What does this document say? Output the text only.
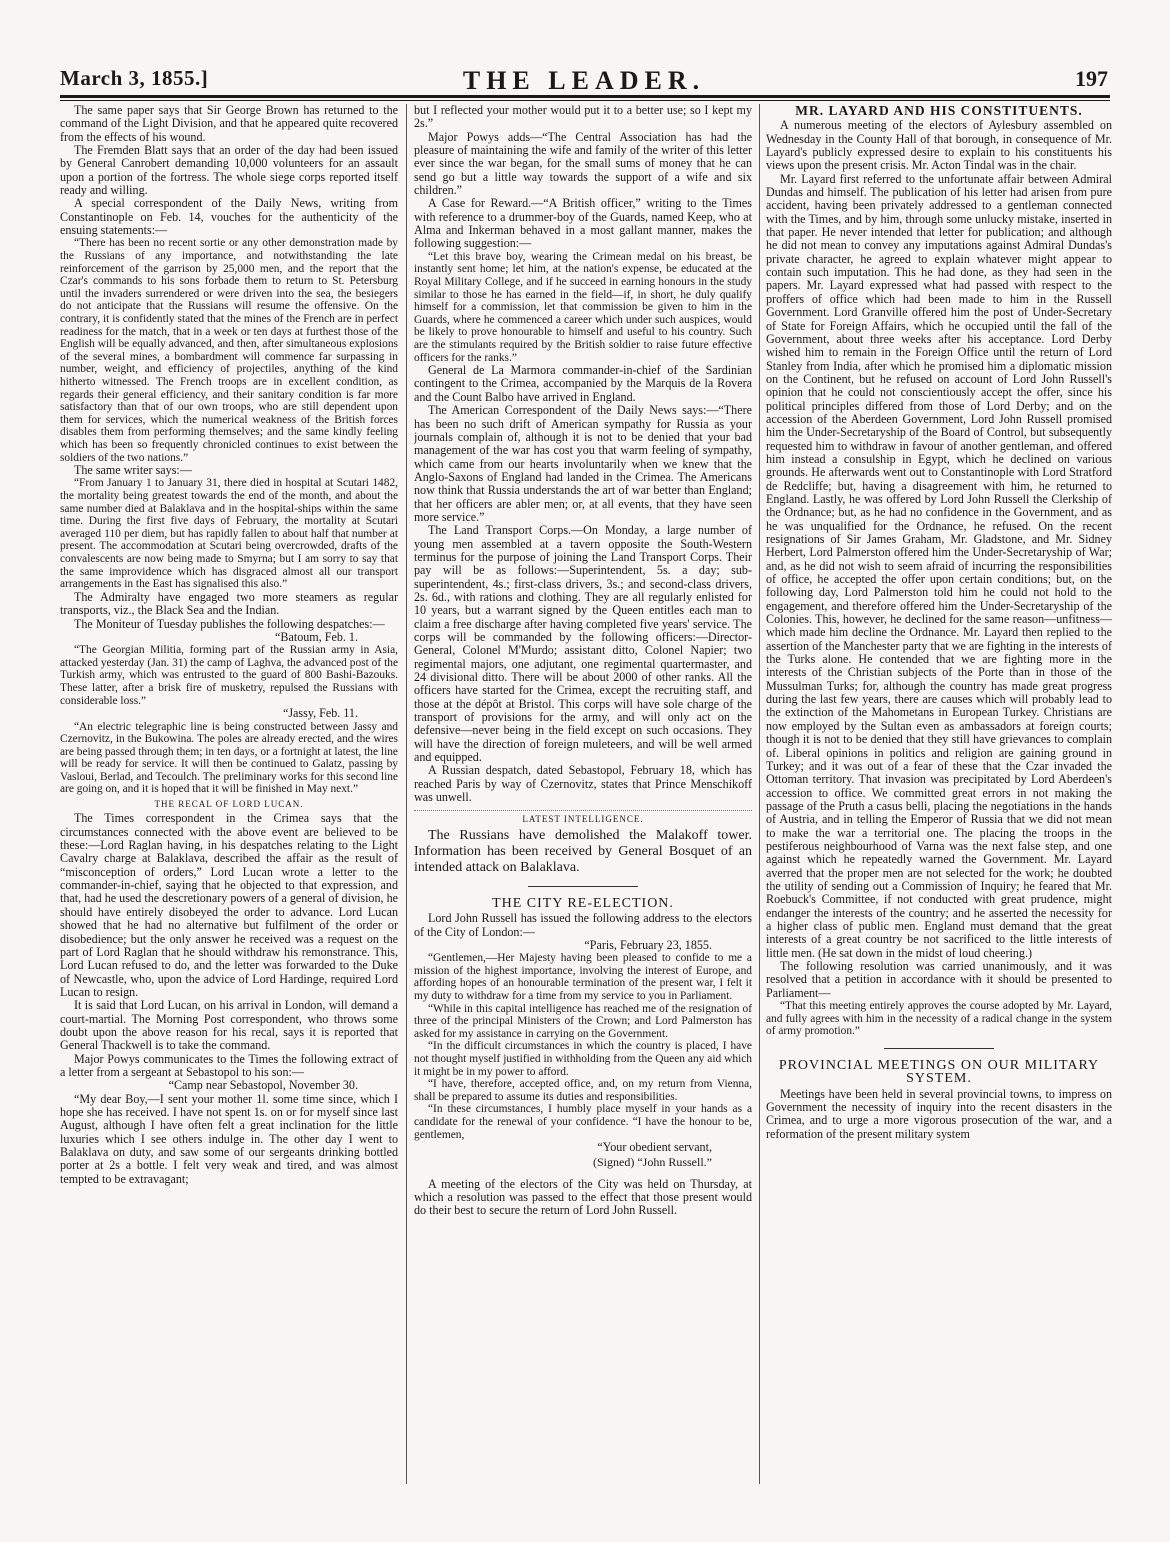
March 3, 1855.]	THE LEADER.	197

The same paper says that Sir George Brown has returned to the command of the Light Division, and that he appeared quite recovered from the effects of his wound.

The Fremden Blatt says that an order of the day had been issued by General Canrobert demanding 10,000 volunteers for an assault upon a portion of the fortress. The whole siege corps reported itself ready and willing.

A special correspondent of the Daily News, writing from Constantinople on Feb. 14, vouches for the authenticity of the ensuing statements:—

“There has been no recent sortie or any other demonstration made by the Russians of any importance, and notwithstanding the late reinforcement of the garrison by 25,000 men, and the report that the Czar's commands to his sons forbade them to return to St. Petersburg until the invaders surrendered or were driven into the sea, the besiegers do not anticipate that the Russians will resume the offensive. On the contrary, it is confidently stated that the mines of the French are in perfect readiness for the match, that in a week or ten days at furthest those of the English will be equally advanced, and then, after simultaneous explosions of the several mines, a bombardment will commence far surpassing in number, weight, and efficiency of projectiles, anything of the kind hitherto witnessed. The French troops are in excellent condition, as regards their general efficiency, and their sanitary condition is far more satisfactory than that of our own troops, who are still dependent upon them for services, which the numerical weakness of the British forces disables them from performing themselves; and the same kindly feeling which has been so frequently chronicled continues to exist between the soldiers of the two nations.”

The same writer says:—

“From January 1 to January 31, there died in hospital at Scutari 1482, the mortality being greatest towards the end of the month, and about the same number died at Balaklava and in the hospital-ships within the same time. During the first five days of February, the mortality at Scutari averaged 110 per diem, but has rapidly fallen to about half that number at present. The accommodation at Scutari being overcrowded, drafts of the convalescents are now being made to Smyrna; but I am sorry to say that the same improvidence which has disgraced almost all our transport arrangements in the East has signalised this also.”

The Admiralty have engaged two more steamers as regular transports, viz., the Black Sea and the Indian.

The Moniteur of Tuesday publishes the following despatches:—

“Batoum, Feb. 1.

“The Georgian Militia, forming part of the Russian army in Asia, attacked yesterday (Jan. 31) the camp of Laghva, the advanced post of the Turkish army, which was entrusted to the guard of 800 Bashi-Bazouks. These latter, after a brisk fire of musketry, repulsed the Russians with considerable loss.”

“Jassy, Feb. 11.

“An electric telegraphic line is being constructed between Jassy and Czernovitz, in the Bukowina. The poles are already erected, and the wires are being passed through them; in ten days, or a fortnight at latest, the line will be ready for service. It will then be continued to Galatz, passing by Vasloui, Berlad, and Tecoulch. The preliminary works for this second line are going on, and it is hoped that it will be finished in May next.”

THE RECAL OF LORD LUCAN.

The Times correspondent in the Crimea says that the circumstances connected with the above event are believed to be these:—Lord Raglan having, in his despatches relating to the Light Cavalry charge at Balaklava, described the affair as the result of “misconception of orders,” Lord Lucan wrote a letter to the commander-in-chief, saying that he objected to that expression, and that, had he used the descretionary powers of a general of division, he should have entirely disobeyed the order to advance. Lord Lucan showed that he had no alternative but fulfilment of the order or disobedience; but the only answer he received was a request on the part of Lord Raglan that he should withdraw his remonstrance. This, Lord Lucan refused to do, and the letter was forwarded to the Duke of Newcastle, who, upon the advice of Lord Hardinge, required Lord Lucan to resign.

It is said that Lord Lucan, on his arrival in London, will demand a court-martial. The Morning Post correspondent, who throws some doubt upon the above reason for his recal, says it is reported that General Thackwell is to take the command.

Major Powys communicates to the Times the following extract of a letter from a sergeant at Sebastopol to his son:—

“Camp near Sebastopol, November 30.

“My dear Boy,—I sent your mother 1l. some time since, which I hope she has received. I have not spent 1s. on or for myself since last August, although I have often felt a great inclination for the little luxuries which I see others indulge in. The other day I went to Balaklava on duty, and saw some of our sergeants drinking bottled porter at 2s a bottle. I felt very weak and tired, and was almost tempted to be extravagant;

but I reflected your mother would put it to a better use; so I kept my 2s.”

Major Powys adds—“The Central Association has had the pleasure of maintaining the wife and family of the writer of this letter ever since the war began, for the small sums of money that he can send go but a little way towards the support of a wife and six children.”

A Case for Reward.—“A British officer,” writing to the Times with reference to a drummer-boy of the Guards, named Keep, who at Alma and Inkerman behaved in a most gallant manner, makes the following suggestion:—

“Let this brave boy, wearing the Crimean medal on his breast, be instantly sent home; let him, at the nation's expense, be educated at the Royal Military College, and if he succeed in earning honours in the study similar to those he has earned in the field—if, in short, he duly qualify himself for a commission, let that commission be given to him in the Guards, where he commenced a career which under such auspices, would be likely to prove honourable to himself and useful to his country. Such are the stimulants required by the British soldier to raise future effective officers for the ranks.”

General de La Marmora commander-in-chief of the Sardinian contingent to the Crimea, accompanied by the Marquis de la Rovera and the Count Balbo have arrived in England.

The American Correspondent of the Daily News says:—“There has been no such drift of American sympathy for Russia as your journals complain of, although it is not to be denied that your bad management of the war has cost you that warm feeling of sympathy, which came from our hearts involuntarily when we knew that the Anglo-Saxons of England had landed in the Crimea. The Americans now think that Russia understands the art of war better than England; that her officers are abler men; or, at all events, that they have seen more service.”

The Land Transport Corps.—On Monday, a large number of young men assembled at a tavern opposite the South-Western terminus for the purpose of joining the Land Transport Corps. Their pay will be as follows:—Superintendent, 5s. a day; sub-superintendent, 4s.; first-class drivers, 3s.; and second-class drivers, 2s. 6d., with rations and clothing. They are all regularly enlisted for 10 years, but a warrant signed by the Queen entitles each man to claim a free discharge after having completed five years' service. The corps will be commanded by the following officers:—Director-General, Colonel M'Murdo; assistant ditto, Colonel Napier; two regimental majors, one adjutant, one regimental quartermaster, and 24 divisional ditto. There will be about 2000 of other ranks. All the officers have started for the Crimea, except the recruiting staff, and those at the dépôt at Bristol. This corps will have sole charge of the transport of provisions for the army, and will only act on the defensive—never being in the field except on such occasions. They will have the direction of foreign muleteers, and will be well armed and equipped.

A Russian despatch, dated Sebastopol, February 18, which has reached Paris by way of Czernovitz, states that Prince Menschikoff was unwell.

LATEST INTELLIGENCE.

The Russians have demolished the Malakoff tower. Information has been received by General Bosquet of an intended attack on Balaklava.

THE CITY RE-ELECTION.

Lord John Russell has issued the following address to the electors of the City of London:—

“Paris, February 23, 1855.

“Gentlemen,—Her Majesty having been pleased to confide to me a mission of the highest importance, involving the interest of Europe, and affording hopes of an honourable termination of the present war, I felt it my duty to withdraw for a time from my service to you in Parliament.

“While in this capital intelligence has reached me of the resignation of three of the principal Ministers of the Crown; and Lord Palmerston has asked for my assistance in carrying on the Government.

“In the difficult circumstances in which the country is placed, I have not thought myself justified in withholding from the Queen any aid which it might be in my power to afford.

“I have, therefore, accepted office, and, on my return from Vienna, shall be prepared to assume its duties and responsibilities.

“In these circumstances, I humbly place myself in your hands as a candidate for the renewal of your confidence. “I have the honour to be, gentlemen,

“Your obedient servant,

(Signed) “John Russell.”

A meeting of the electors of the City was held on Thursday, at which a resolution was passed to the effect that those present would do their best to secure the return of Lord John Russell.

MR. LAYARD AND HIS CONSTITUENTS.

A numerous meeting of the electors of Aylesbury assembled on Wednesday in the County Hall of that borough, in consequence of Mr. Layard's publicly expressed desire to explain to his constituents his views upon the present crisis. Mr. Acton Tindal was in the chair.

Mr. Layard first referred to the unfortunate affair between Admiral Dundas and himself. The publication of his letter had arisen from pure accident, having been privately addressed to a gentleman connected with the Times, and by him, through some unlucky mistake, inserted in that paper. He never intended that letter for publication; and although he did not mean to convey any imputations against Admiral Dundas's private character, he agreed to explain whatever might appear to contain such imputation. This he had done, as they had seen in the papers. Mr. Layard expressed what had passed with respect to the proffers of office which had been made to him in the Russell Government. Lord Granville offered him the post of Under-Secretary of State for Foreign Affairs, which he occupied until the fall of the Government, about three weeks after his acceptance. Lord Derby wished him to remain in the Foreign Office until the return of Lord Stanley from India, after which he promised him a diplomatic mission on the Continent, but he refused on account of Lord John Russell's opinion that he could not conscientiously accept the offer, since his political principles differed from those of Lord Derby; and on the accession of the Aberdeen Government, Lord John Russell promised him the Under-Secretaryship of the Board of Control, but subsequently requested him to withdraw in favour of another gentleman, and offered him instead a consulship in Egypt, which he declined on various grounds. He afterwards went out to Constantinople with Lord Stratford de Redcliffe; but, having a disagreement with him, he returned to England. Lastly, he was offered by Lord John Russell the Clerkship of the Ordnance; but, as he had no confidence in the Government, and as he was unqualified for the Ordnance, he refused. On the recent resignations of Sir James Graham, Mr. Gladstone, and Mr. Sidney Herbert, Lord Palmerston offered him the Under-Secretaryship of War; and, as he did not wish to seem afraid of incurring the responsibilities of office, he accepted the offer upon certain conditions; but, on the following day, Lord Palmerston told him he could not hold to the engagement, and therefore offered him the Under-Secretaryship of the Colonies. This, however, he declined for the same reason—unfitness—which made him decline the Ordnance. Mr. Layard then replied to the assertion of the Manchester party that we are fighting in the interests of the Turks alone. He contended that we are fighting more in the interests of the Christian subjects of the Porte than in those of the Mussulman Turks; for, although the country has made great progress during the last few years, there are causes which will probably lead to the extinction of the Mahometans in European Turkey. Christians are now employed by the Sultan even as ambassadors at foreign courts; though it is not to be denied that they still have grievances to complain of. Liberal opinions in politics and religion are gaining ground in Turkey; and it was out of a fear of these that the Czar invaded the Ottoman territory. That invasion was precipitated by Lord Aberdeen's accession to office. We committed great errors in not making the passage of the Pruth a casus belli, placing the negotiations in the hands of Austria, and in telling the Emperor of Russia that we did not mean to make the war a territorial one. The placing the troops in the pestiferous neighbourhood of Varna was the next false step, and one against which he repeatedly warned the Government. Mr. Layard averred that the proper men are not selected for the work; he doubted the utility of sending out a Commission of Inquiry; he feared that Mr. Roebuck's Committee, if not conducted with great prudence, might endanger the interests of the country; and he asserted the necessity for a higher class of public men. England must demand that the great interests of a great country be not sacrificed to the little interests of little men. (He sat down in the midst of loud cheering.)

The following resolution was carried unanimously, and it was resolved that a petition in accordance with it should be presented to Parliament—

“That this meeting entirely approves the course adopted by Mr. Layard, and fully agrees with him in the necessity of a radical change in the system of army promotion.”

PROVINCIAL MEETINGS ON OUR MILITARY SYSTEM.

Meetings have been held in several provincial towns, to impress on Government the necessity of inquiry into the recent disasters in the Crimea, and to urge a more vigorous prosecution of the war, and a reformation of the present military system
